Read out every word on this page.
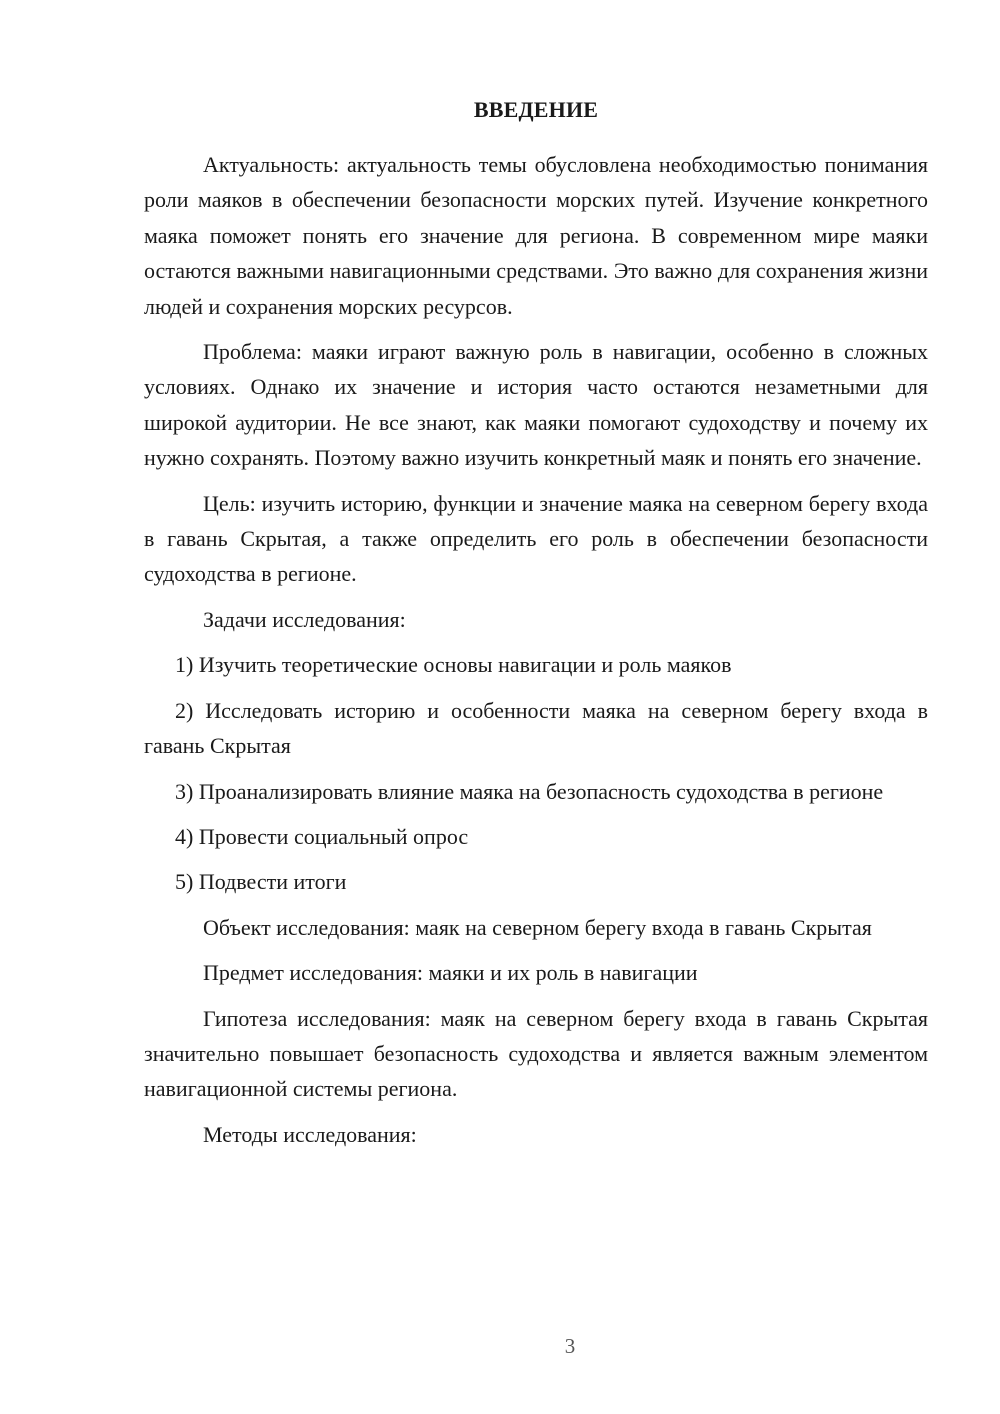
ВВЕДЕНИЕ

Актуальность: актуальность темы обусловлена необходимостью понимания роли маяков в обеспечении безопасности морских путей. Изучение конкретного маяка поможет понять его значение для региона. В современном мире маяки остаются важными навигационными средствами. Это важно для сохранения жизни людей и сохранения морских ресурсов.

Проблема: маяки играют важную роль в навигации, особенно в сложных условиях. Однако их значение и история часто остаются незаметными для широкой аудитории. Не все знают, как маяки помогают судоходству и почему их нужно сохранять. Поэтому важно изучить конкретный маяк и понять его значение.

Цель: изучить историю, функции и значение маяка на северном берегу входа в гавань Скрытая, а также определить его роль в обеспечении безопасности судоходства в регионе.

Задачи исследования:

1) Изучить теоретические основы навигации и роль маяков

2) Исследовать историю и особенности маяка на северном берегу входа в гавань Скрытая

3) Проанализировать влияние маяка на безопасность судоходства в регионе

4) Провести социальный опрос

5) Подвести итоги

Объект исследования: маяк на северном берегу входа в гавань Скрытая

Предмет исследования: маяки и их роль в навигации

Гипотеза исследования: маяк на северном берегу входа в гавань Скрытая значительно повышает безопасность судоходства и является важным элементом навигационной системы региона.

Методы исследования:

3
